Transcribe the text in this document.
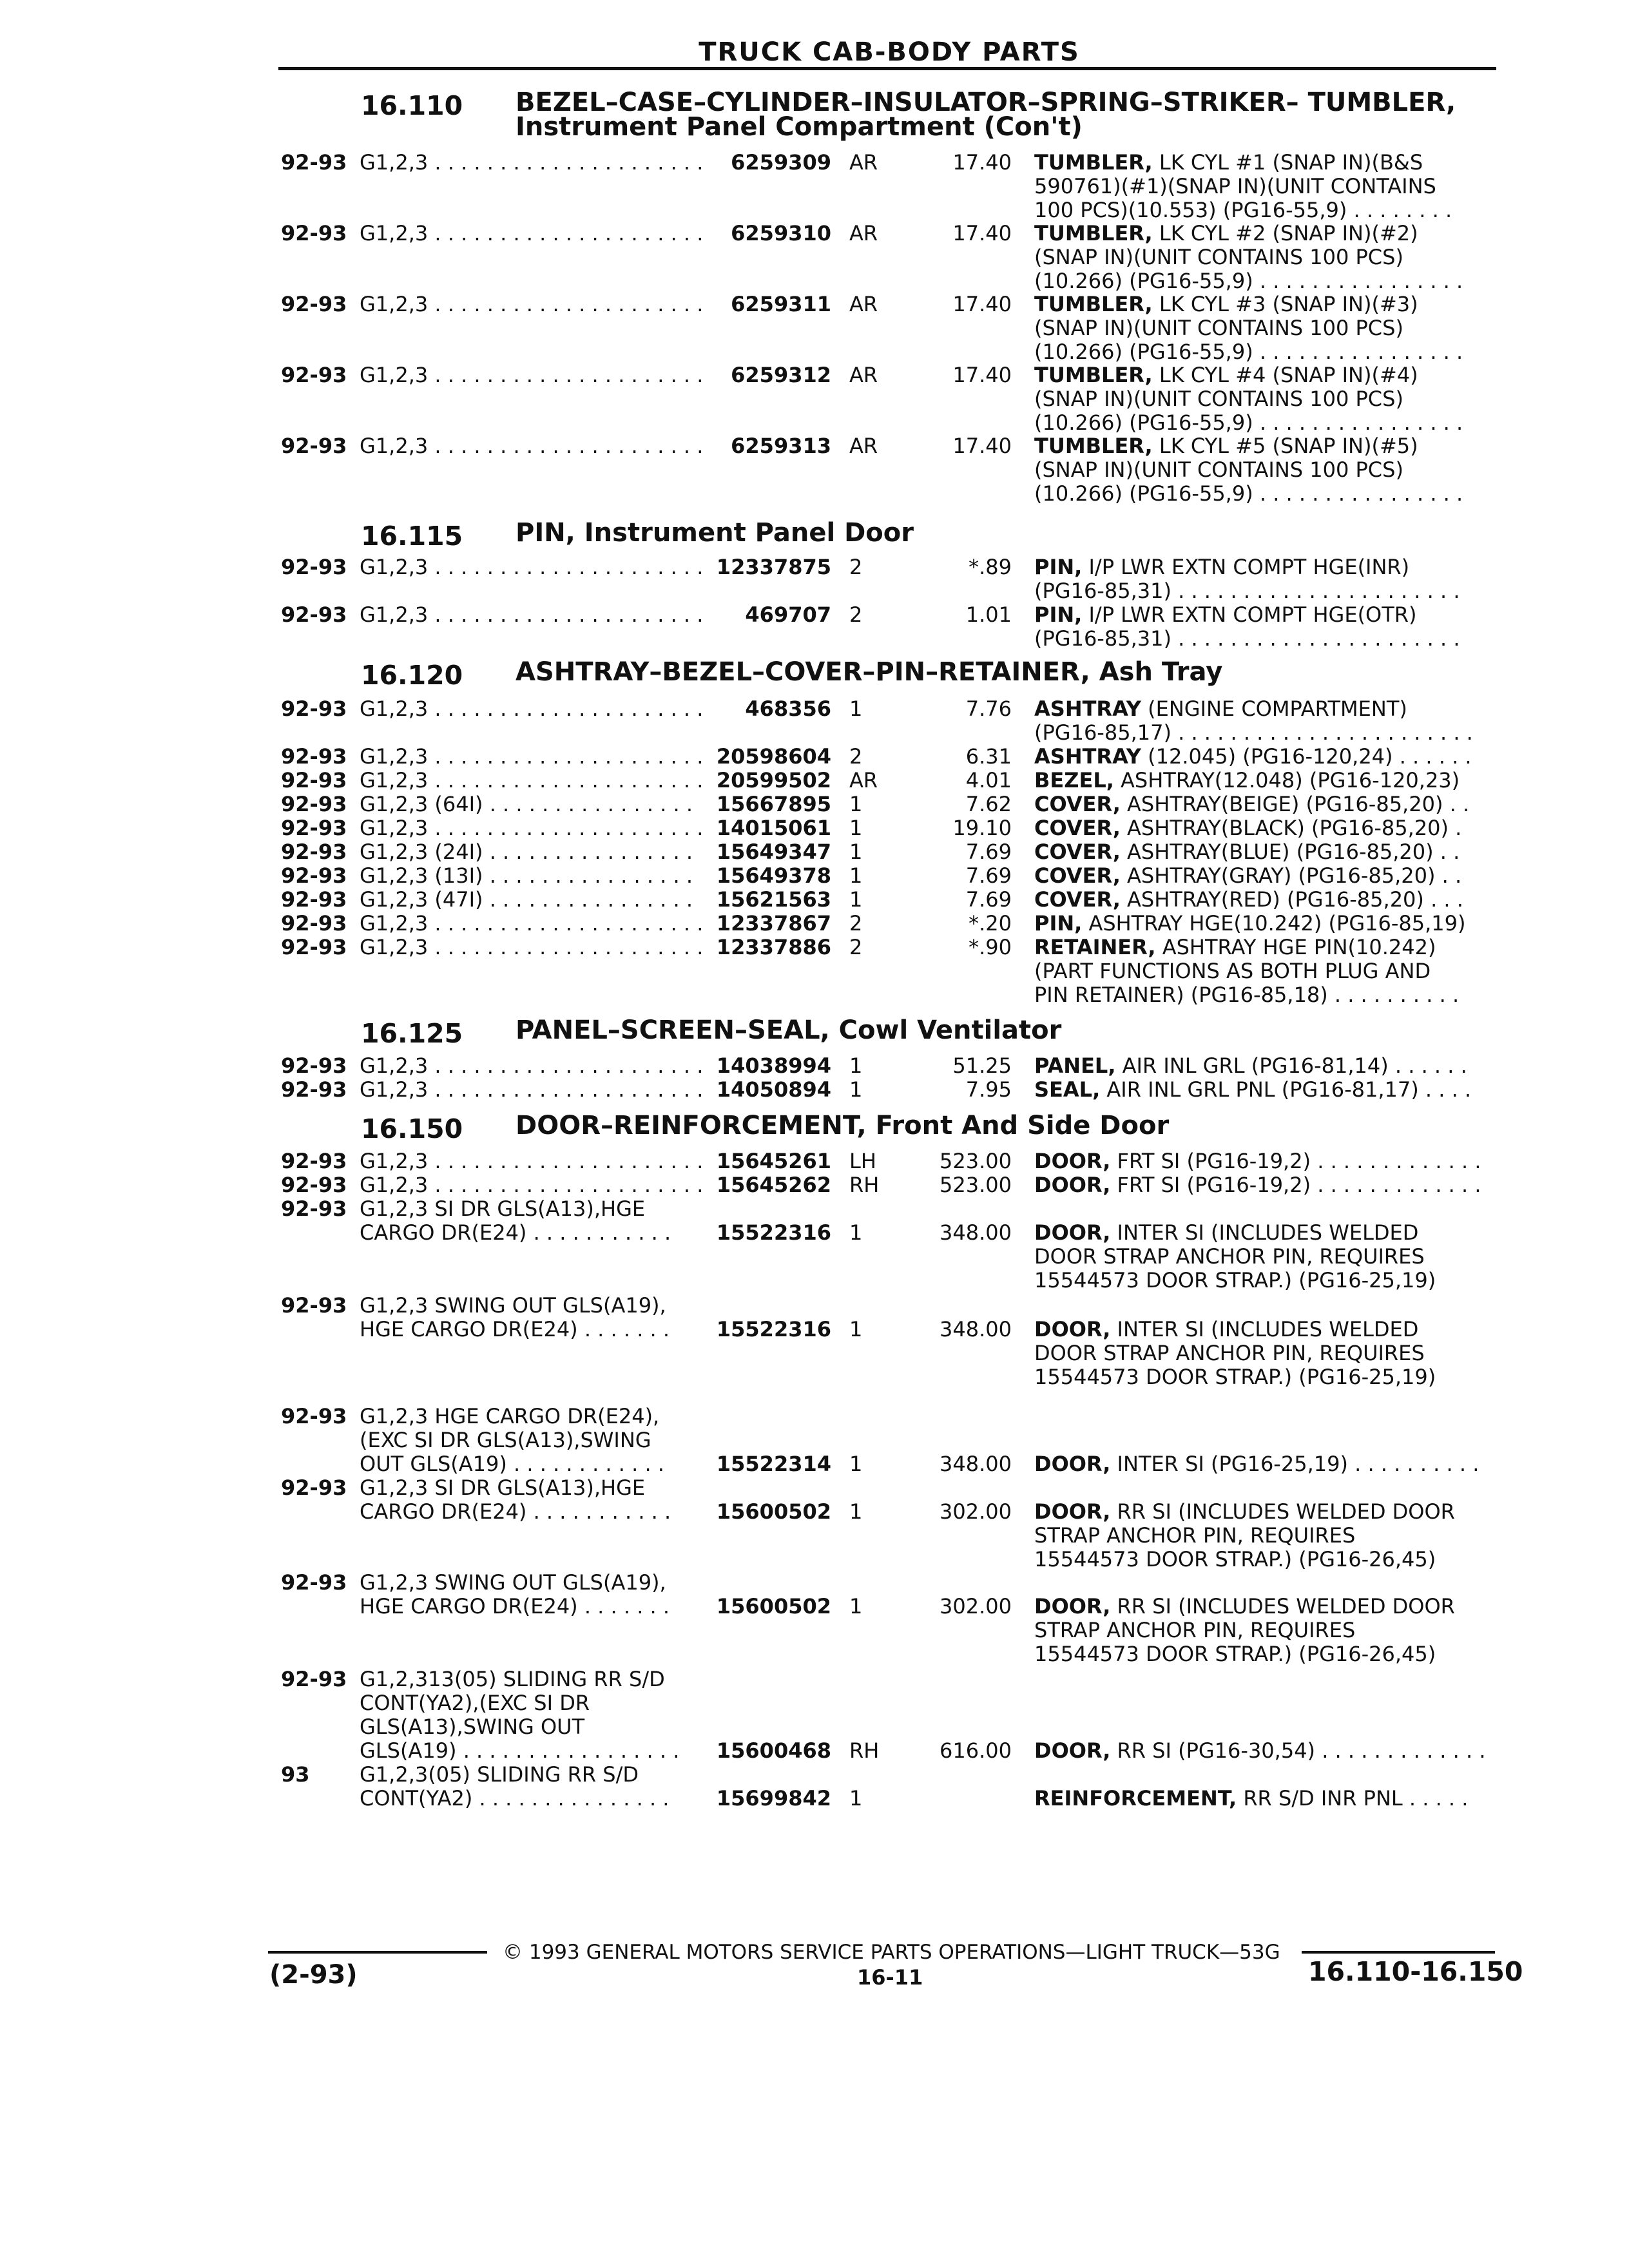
TRUCK CAB-BODY PARTS
16.110 BEZEL–CASE–CYLINDER–INSULATOR–SPRING–STRIKER– TUMBLER,
Instrument Panel Compartment (Con't)
16.115 PIN, Instrument Panel Door
16.120 ASHTRAY–BEZEL–COVER–PIN–RETAINER, Ash Tray
16.125 PANEL–SCREEN–SEAL, Cowl Ventilator
16.150 DOOR–REINFORCEMENT, Front And Side Door
92-93 G1,2,3 . . .	6259309 AR	17.40 TUMBLER, LK CYL #1 (SNAP IN)(B&S
590761)(#1)(SNAP IN)(UNIT CONTAINS
100 PCS)(10.553) (PG16-55,9) . . . . . . . .
92-93 G1,2,3 . . .	6259310 AR	17.40 TUMBLER, LK CYL #2 (SNAP IN)(#2)
(SNAP IN)(UNIT CONTAINS 100 PCS)
(10.266) (PG16-55,9) . . . . . . . . . . . . . . . .
92-93 G1,2,3 . . .	6259311 AR	17.40 TUMBLER, LK CYL #3 (SNAP IN)(#3)
(SNAP IN)(UNIT CONTAINS 100 PCS)
(10.266) (PG16-55,9) . . . . . . . . . . . . . . . .
92-93 G1,2,3 . . .	6259312 AR	17.40 TUMBLER, LK CYL #4 (SNAP IN)(#4)
(SNAP IN)(UNIT CONTAINS 100 PCS)
(10.266) (PG16-55,9) . . . . . . . . . . . . . . . .
92-93 G1,2,3 . . .	6259313 AR	17.40 TUMBLER, LK CYL #5 (SNAP IN)(#5)
(SNAP IN)(UNIT CONTAINS 100 PCS)
(10.266) (PG16-55,9) . . . . . . . . . . . . . . . .
92-93 G1,2,3 . . .	12337875 2	*.89 PIN, I/P LWR EXTN COMPT HGE(INR)
(PG16-85,31) . . . . . . . . . . . . . . . . . . . . . .
92-93 G1,2,3 . . .	469707 2	1.01 PIN, I/P LWR EXTN COMPT HGE(OTR)
(PG16-85,31) . . . . . . . . . . . . . . . . . . . . . .
92-93 G1,2,3 . . .	468356 1	7.76 ASHTRAY (ENGINE COMPARTMENT)
(PG16-85,17) . . . . . . . . . . . . . . . . . . . . . . .
92-93 G1,2,3 . . .	20598604 2	6.31 ASHTRAY (12.045) (PG16-120,24) . . . . . .
92-93 G1,2,3 . . .	20599502 AR	4.01 BEZEL, ASHTRAY(12.048) (PG16-120,23)
92-93 G1,2,3 (64I) . . .	15667895 1	7.62 COVER, ASHTRAY(BEIGE) (PG16-85,20) . .
92-93 G1,2,3 . . .	14015061 1	19.10 COVER, ASHTRAY(BLACK) (PG16-85,20) .
92-93 G1,2,3 (24I) . . .	15649347 1	7.69 COVER, ASHTRAY(BLUE) (PG16-85,20) . .
92-93 G1,2,3 (13I) . . .	15649378 1	7.69 COVER, ASHTRAY(GRAY) (PG16-85,20) . .
92-93 G1,2,3 (47I) . . .	15621563 1	7.69 COVER, ASHTRAY(RED) (PG16-85,20) . . .
92-93 G1,2,3 . . .	12337867 2	*.20 PIN, ASHTRAY HGE(10.242) (PG16-85,19)
92-93 G1,2,3 . . .	12337886 2	*.90 RETAINER, ASHTRAY HGE PIN(10.242)
(PART FUNCTIONS AS BOTH PLUG AND
PIN RETAINER) (PG16-85,18) . . . . . . . . . .
92-93 G1,2,3 . . .	14038994 1	51.25 PANEL, AIR INL GRL (PG16-81,14) . . . . . .
92-93 G1,2,3 . . .	14050894 1	7.95 SEAL, AIR INL GRL PNL (PG16-81,17) . . . .
92-93 G1,2,3 . . .	15645261 LH	523.00 DOOR, FRT SI (PG16-19,2) . . . . . . . . . . . . .
92-93 G1,2,3 . . .	15645262 RH	523.00 DOOR, FRT SI (PG16-19,2) . . . . . . . . . . . . .
92-93 G1,2,3 SI DR GLS(A13),HGE
CARGO DR(E24) . . . . . . . . . . .	15522316 1	348.00 DOOR, INTER SI (INCLUDES WELDED
DOOR STRAP ANCHOR PIN, REQUIRES
15544573 DOOR STRAP.) (PG16-25,19)
92-93 G1,2,3 SWING OUT GLS(A19),
HGE CARGO DR(E24) . . . . . . .	15522316 1	348.00 DOOR, INTER SI (INCLUDES WELDED
DOOR STRAP ANCHOR PIN, REQUIRES
15544573 DOOR STRAP.) (PG16-25,19)
92-93 G1,2,3 HGE CARGO DR(E24),
(EXC SI DR GLS(A13),SWING
OUT GLS(A19) . . . . . . . . . . . .	15522314 1	348.00 DOOR, INTER SI (PG16-25,19) . . . . . . . . . .
92-93 G1,2,3 SI DR GLS(A13),HGE
CARGO DR(E24) . . . . . . . . . . .	15600502 1	302.00 DOOR, RR SI (INCLUDES WELDED DOOR
STRAP ANCHOR PIN, REQUIRES
15544573 DOOR STRAP.) (PG16-26,45)
92-93 G1,2,3 SWING OUT GLS(A19),
HGE CARGO DR(E24) . . . . . . .	15600502 1	302.00 DOOR, RR SI (INCLUDES WELDED DOOR
STRAP ANCHOR PIN, REQUIRES
15544573 DOOR STRAP.) (PG16-26,45)
92-93 G1,2,313(05) SLIDING RR S/D
CONT(YA2),(EXC SI DR
GLS(A13),SWING OUT
GLS(A19) . . . . . . . . . . . . . . . . .	15600468 RH	616.00 DOOR, RR SI (PG16-30,54) . . . . . . . . . . . . .
93 G1,2,3(05) SLIDING RR S/D
CONT(YA2) . . . . . . . . . . . . . . .	15699842 1	REINFORCEMENT, RR S/D INR PNL . . . . .
© 1993 GENERAL MOTORS SERVICE PARTS OPERATIONS—LIGHT TRUCK—53G
(2-93)	16-11	16.110-16.150
